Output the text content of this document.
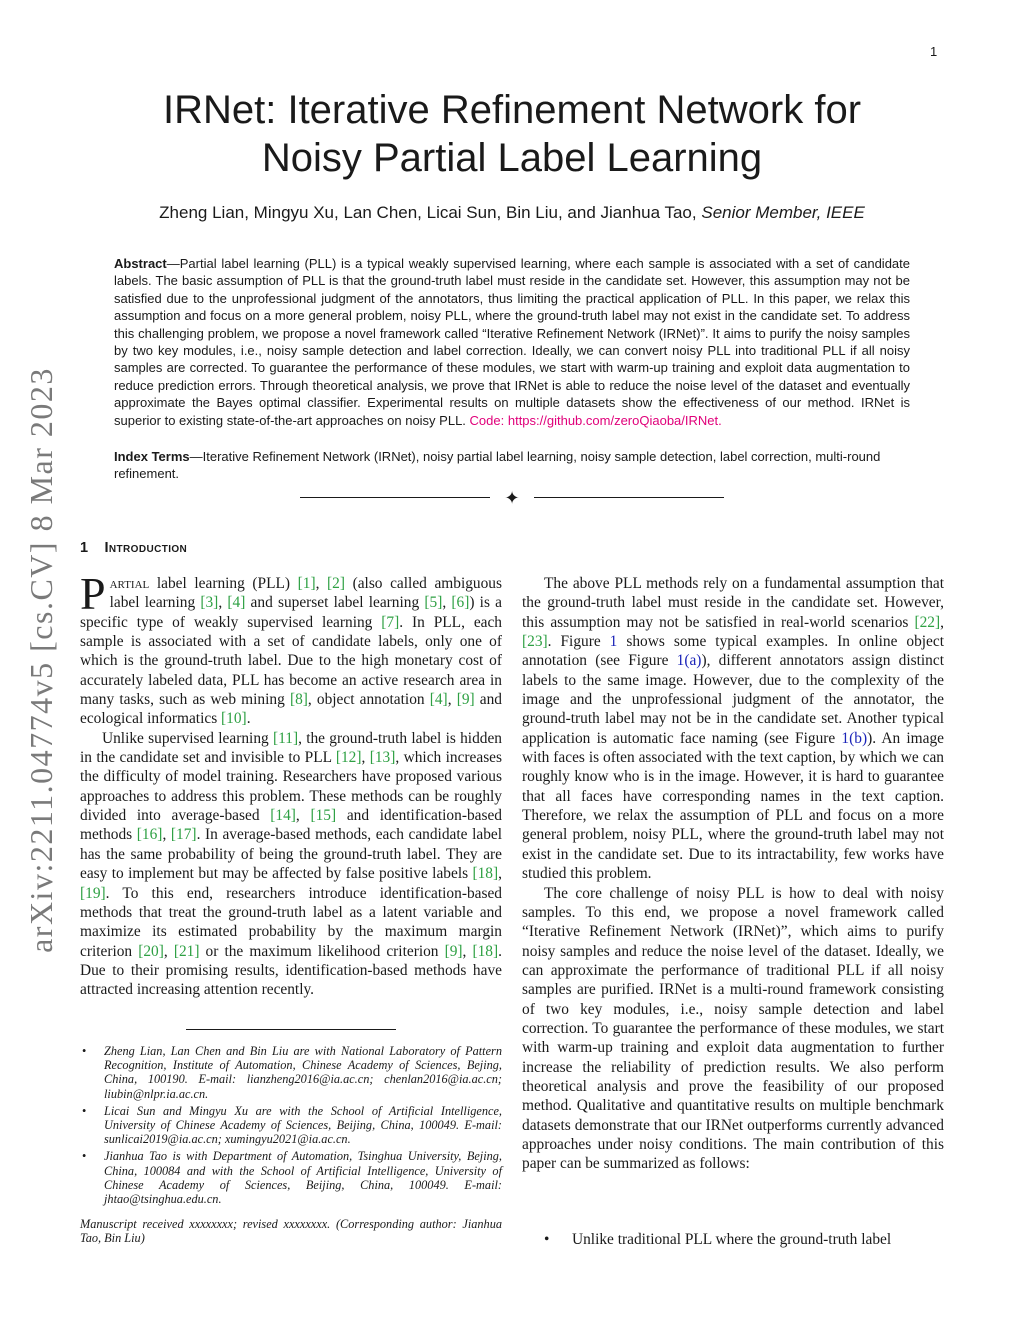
1
arXiv:2211.04774v5 [cs.CV] 8 Mar 2023
IRNet: Iterative Refinement Network for
Noisy Partial Label Learning
Zheng Lian, Mingyu Xu, Lan Chen, Licai Sun, Bin Liu, and Jianhua Tao, Senior Member, IEEE
Abstract—Partial label learning (PLL) is a typical weakly supervised learning, where each sample is associated with a set of candidate labels. The basic assumption of PLL is that the ground-truth label must reside in the candidate set. However, this assumption may not be satisfied due to the unprofessional judgment of the annotators, thus limiting the practical application of PLL. In this paper, we relax this assumption and focus on a more general problem, noisy PLL, where the ground-truth label may not exist in the candidate set. To address this challenging problem, we propose a novel framework called “Iterative Refinement Network (IRNet)”. It aims to purify the noisy samples by two key modules, i.e., noisy sample detection and label correction. Ideally, we can convert noisy PLL into traditional PLL if all noisy samples are corrected. To guarantee the performance of these modules, we start with warm-up training and exploit data augmentation to reduce prediction errors. Through theoretical analysis, we prove that IRNet is able to reduce the noise level of the dataset and eventually approximate the Bayes optimal classifier. Experimental results on multiple datasets show the effectiveness of our method. IRNet is superior to existing state-of-the-art approaches on noisy PLL. Code: https://github.com/zeroQiaoba/IRNet.
Index Terms—Iterative Refinement Network (IRNet), noisy partial label learning, noisy sample detection, label correction, multi-round refinement.
✦
1 Introduction

Partial label learning (PLL) [1], [2] (also called ambiguous label learning [3], [4] and superset label learning [5], [6]) is a specific type of weakly supervised learning [7]. In PLL, each sample is associated with a set of candidate labels, only one of which is the ground-truth label. Due to the high monetary cost of accurately labeled data, PLL has become an active research area in many tasks, such as web mining [8], object annotation [4], [9] and ecological informatics [10].

Unlike supervised learning [11], the ground-truth label is hidden in the candidate set and invisible to PLL [12], [13], which increases the difficulty of model training. Researchers have proposed various approaches to address this problem. These methods can be roughly divided into average-based [14], [15] and identification-based methods [16], [17]. In average-based methods, each candidate label has the same probability of being the ground-truth label. They are easy to implement but may be affected by false positive labels [18], [19]. To this end, researchers introduce identification-based methods that treat the ground-truth label as a latent variable and maximize its estimated probability by the maximum margin criterion [20], [21] or the maximum likelihood criterion [9], [18]. Due to their promising results, identification-based methods have attracted increasing attention recently.

• Zheng Lian, Lan Chen and Bin Liu are with National Laboratory of Pattern Recognition, Institute of Automation, Chinese Academy of Sciences, Bejing, China, 100190. E-mail: lianzheng2016@ia.ac.cn; chenlan2016@ia.ac.cn; liubin@nlpr.ia.ac.cn.
• Licai Sun and Mingyu Xu are with the School of Artificial Intelligence, University of Chinese Academy of Sciences, Beijing, China, 100049. E-mail: sunlicai2019@ia.ac.cn; xumingyu2021@ia.ac.cn.
• Jianhua Tao is with Department of Automation, Tsinghua University, Bejing, China, 100084 and with the School of Artificial Intelligence, University of Chinese Academy of Sciences, Beijing, China, 100049. E-mail: jhtao@tsinghua.edu.cn.
Manuscript received xxxxxxxx; revised xxxxxxxx. (Corresponding author: Jianhua Tao, Bin Liu)

The above PLL methods rely on a fundamental assumption that the ground-truth label must reside in the candidate set. However, this assumption may not be satisfied in real-world scenarios [22], [23]. Figure 1 shows some typical examples. In online object annotation (see Figure 1(a)), different annotators assign distinct labels to the same image. However, due to the complexity of the image and the unprofessional judgment of the annotator, the ground-truth label may not be in the candidate set. Another typical application is automatic face naming (see Figure 1(b)). An image with faces is often associated with the text caption, by which we can roughly know who is in the image. However, it is hard to guarantee that all faces have corresponding names in the text caption. Therefore, we relax the assumption of PLL and focus on a more general problem, noisy PLL, where the ground-truth label may not exist in the candidate set. Due to its intractability, few works have studied this problem.

The core challenge of noisy PLL is how to deal with noisy samples. To this end, we propose a novel framework called “Iterative Refinement Network (IRNet)”, which aims to purify noisy samples and reduce the noise level of the dataset. Ideally, we can approximate the performance of traditional PLL if all noisy samples are purified. IRNet is a multi-round framework consisting of two key modules, i.e., noisy sample detection and label correction. To guarantee the performance of these modules, we start with warm-up training and exploit data augmentation to further increase the reliability of prediction results. We also perform theoretical analysis and prove the feasibility of our proposed method. Qualitative and quantitative results on multiple benchmark datasets demonstrate that our IRNet outperforms currently advanced approaches under noisy conditions. The main contribution of this paper can be summarized as follows:

• Unlike traditional PLL where the ground-truth label
